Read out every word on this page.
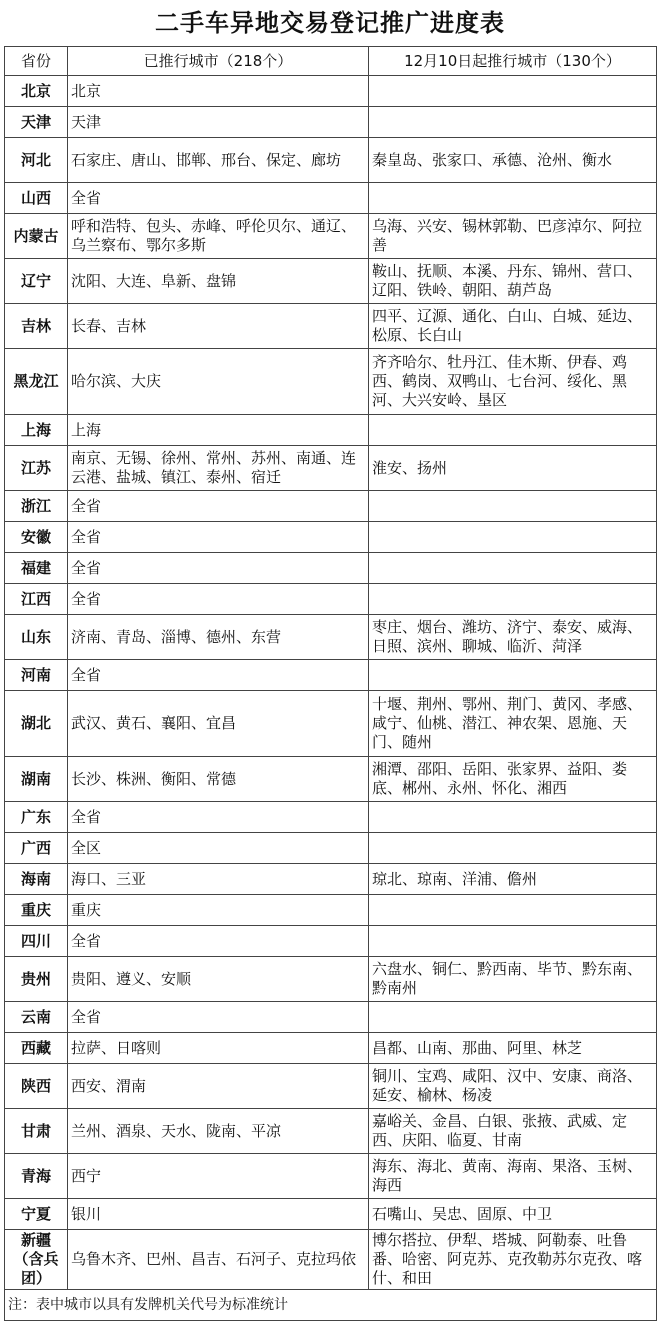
二手车异地交易登记推广进度表
省份	已推行城市（218个）	12月10日起推行城市（130个）
北京	北京	
天津	天津	
河北	石家庄、唐山、邯郸、邢台、保定、廊坊	秦皇岛、张家口、承德、沧州、衡水
山西	全省	
内蒙古	呼和浩特、包头、赤峰、呼伦贝尔、通辽、乌兰察布、鄂尔多斯	乌海、兴安、锡林郭勒、巴彦淖尔、阿拉善
辽宁	沈阳、大连、阜新、盘锦	鞍山、抚顺、本溪、丹东、锦州、营口、辽阳、铁岭、朝阳、葫芦岛
吉林	长春、吉林	四平、辽源、通化、白山、白城、延边、松原、长白山
黑龙江	哈尔滨、大庆	齐齐哈尔、牡丹江、佳木斯、伊春、鸡西、鹤岗、双鸭山、七台河、绥化、黑河、大兴安岭、垦区
上海	上海	
江苏	南京、无锡、徐州、常州、苏州、南通、连云港、盐城、镇江、泰州、宿迁	淮安、扬州
浙江	全省	
安徽	全省	
福建	全省	
江西	全省	
山东	济南、青岛、淄博、德州、东营	枣庄、烟台、潍坊、济宁、泰安、威海、日照、滨州、聊城、临沂、菏泽
河南	全省	
湖北	武汉、黄石、襄阳、宜昌	十堰、荆州、鄂州、荆门、黄冈、孝感、咸宁、仙桃、潜江、神农架、恩施、天门、随州
湖南	长沙、株洲、衡阳、常德	湘潭、邵阳、岳阳、张家界、益阳、娄底、郴州、永州、怀化、湘西
广东	全省	
广西	全区	
海南	海口、三亚	琼北、琼南、洋浦、儋州
重庆	重庆	
四川	全省	
贵州	贵阳、遵义、安顺	六盘水、铜仁、黔西南、毕节、黔东南、黔南州
云南	全省	
西藏	拉萨、日喀则	昌都、山南、那曲、阿里、林芝
陕西	西安、渭南	铜川、宝鸡、咸阳、汉中、安康、商洛、延安、榆林、杨凌
甘肃	兰州、酒泉、天水、陇南、平凉	嘉峪关、金昌、白银、张掖、武威、定西、庆阳、临夏、甘南
青海	西宁	海东、海北、黄南、海南、果洛、玉树、海西
宁夏	银川	石嘴山、吴忠、固原、中卫
新疆（含兵团）	乌鲁木齐、巴州、昌吉、石河子、克拉玛依	博尔搭拉、伊犁、塔城、阿勒泰、吐鲁番、哈密、阿克苏、克孜勒苏尔克孜、喀什、和田
注：表中城市以具有发牌机关代号为标准统计		
